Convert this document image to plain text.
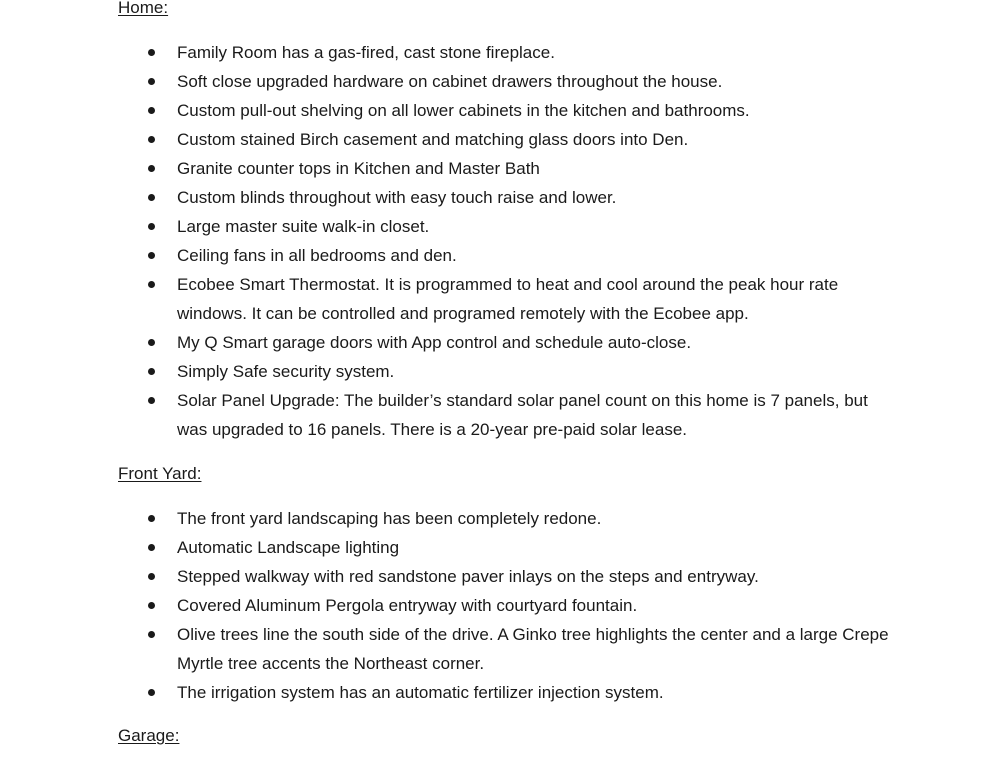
Home:
Family Room has a gas-fired, cast stone fireplace.
Soft close upgraded hardware on cabinet drawers throughout the house.
Custom pull-out shelving on all lower cabinets in the kitchen and bathrooms.
Custom stained Birch casement and matching glass doors into Den.
Granite counter tops in Kitchen and Master Bath
Custom blinds throughout with easy touch raise and lower.
Large master suite walk-in closet.
Ceiling fans in all bedrooms and den.
Ecobee Smart Thermostat. It is programmed to heat and cool around the peak hour rate windows. It can be controlled and programed remotely with the Ecobee app.
My Q Smart garage doors with App control and schedule auto-close.
Simply Safe security system.
Solar Panel Upgrade: The builder’s standard solar panel count on this home is 7 panels, but was upgraded to 16 panels. There is a 20-year pre-paid solar lease.
Front Yard:
The front yard landscaping has been completely redone.
Automatic Landscape lighting
Stepped walkway with red sandstone paver inlays on the steps and entryway.
Covered Aluminum Pergola entryway with courtyard fountain.
Olive trees line the south side of the drive. A Ginko tree highlights the center and a large Crepe Myrtle tree accents the Northeast corner.
The irrigation system has an automatic fertilizer injection system.
Garage:
